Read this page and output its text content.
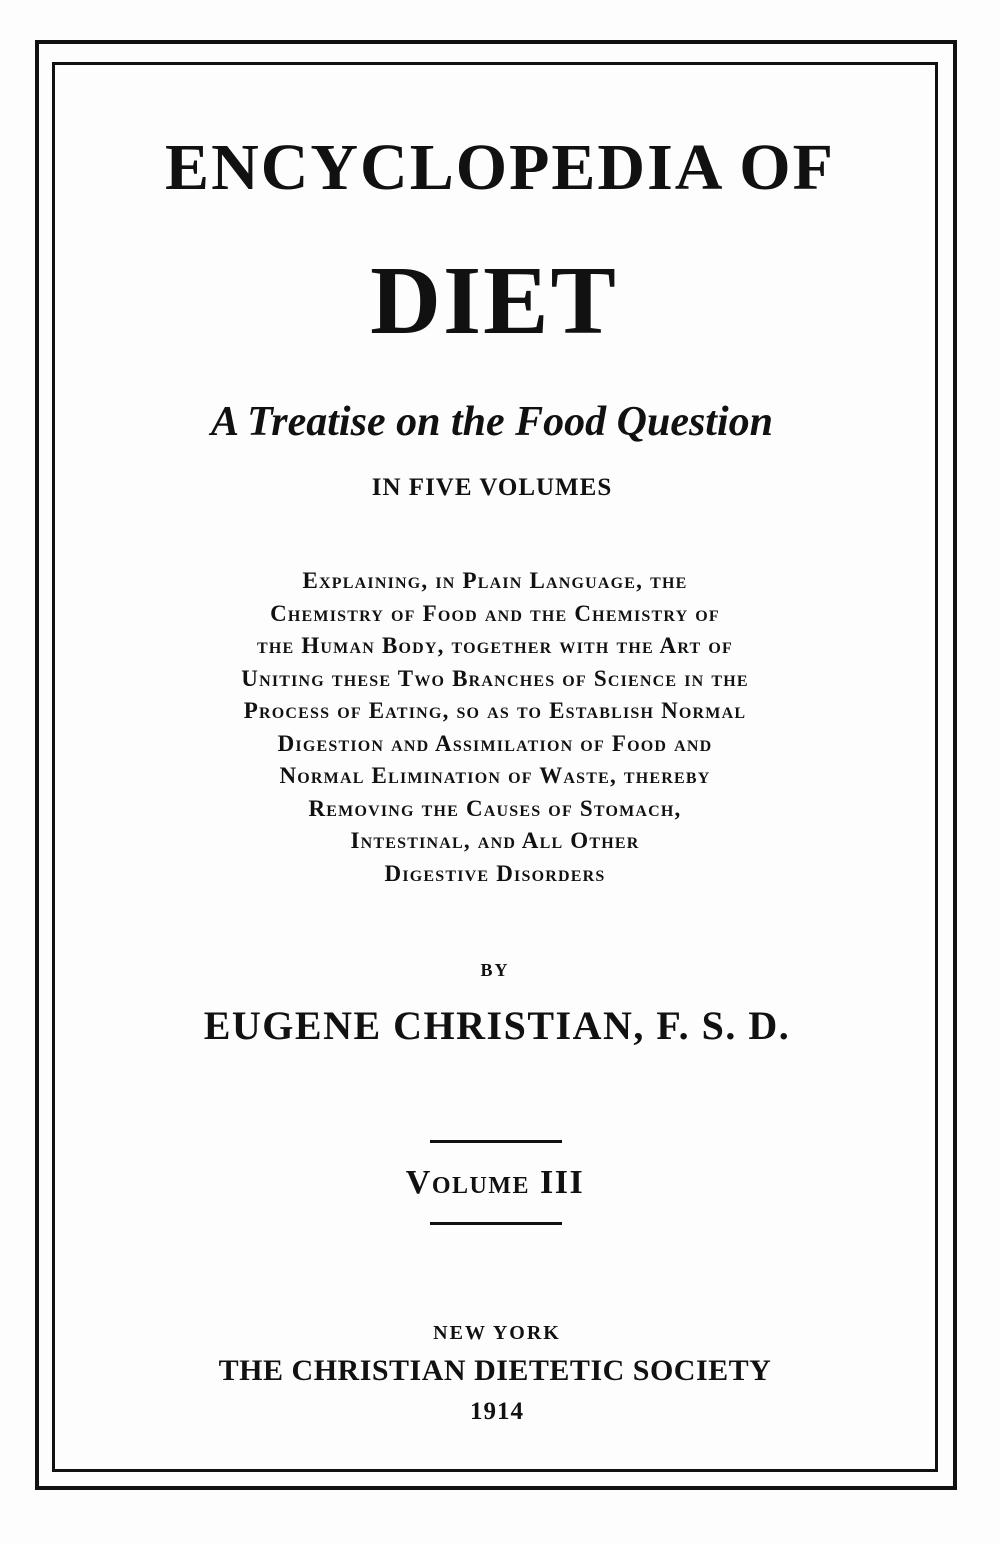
ENCYCLOPEDIA OF
DIET

A Treatise on the Food Question

IN FIVE VOLUMES

Explaining, in Plain Language, the
Chemistry of Food and the Chemistry of
the Human Body, together with the Art of
Uniting these Two Branches of Science in the
Process of Eating, so as to Establish Normal
Digestion and Assimilation of Food and
Normal Elimination of Waste, thereby
Removing the Causes of Stomach,
Intestinal, and All Other
Digestive Disorders

BY

EUGENE CHRISTIAN, F. S. D.

Volume III

NEW YORK

THE CHRISTIAN DIETETIC SOCIETY

1914
